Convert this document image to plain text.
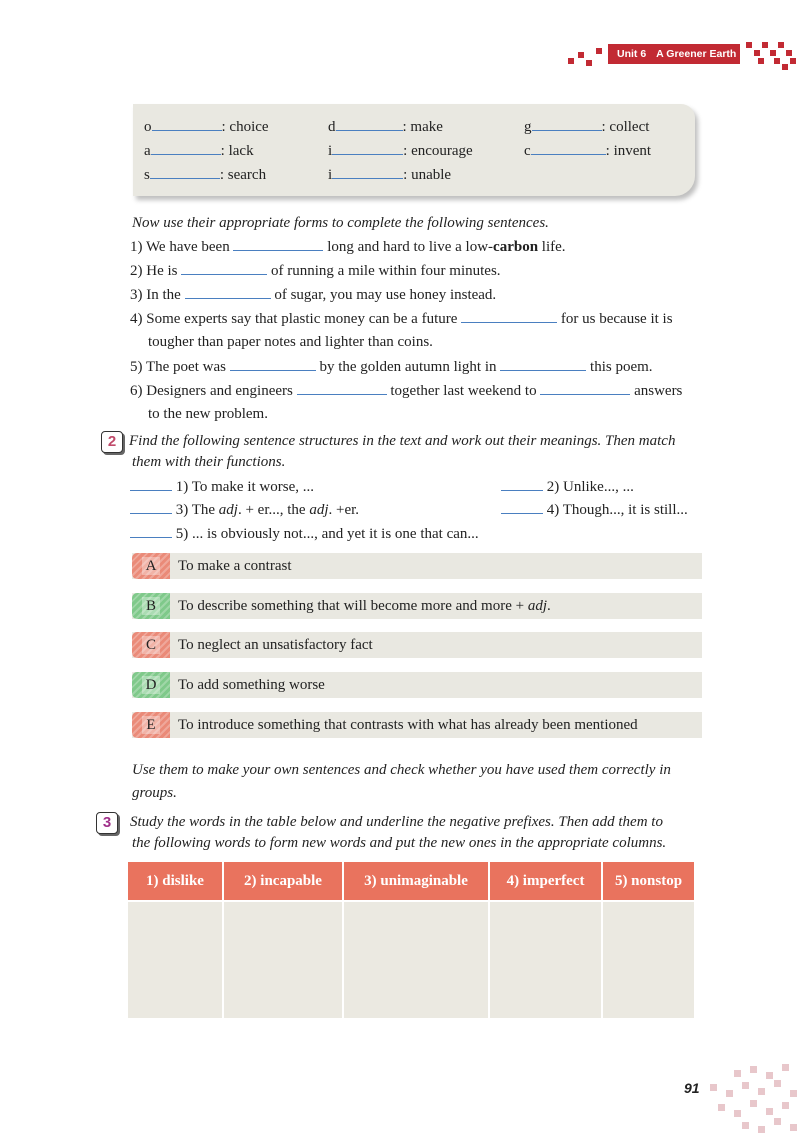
Unit 6 A Greener Earth
o	: choice	d	: make	g	: collect
a	: lack	i	: encourage	c	: invent
s	: search	i	: unable
Now use their appropriate forms to complete the following sentences.
1) We have been	long and hard to live a low-carbon life.
2) He is	of running a mile within four minutes.
3) In the	of sugar, you may use honey instead.
4) Some experts say that plastic money can be a future	for us because it is
tougher than paper notes and lighter than coins.
5) The poet was	by the golden autumn light in	this poem.
6) Designers and engineers	together last weekend to	answers
to the new problem.
2 Find the following sentence structures in the text and work out their meanings. Then match
them with their functions.
1) To make it worse, ...	2) Unlike..., ...
3) The adj. + er..., the adj. +er.	4) Though..., it is still...
5) ... is obviously not..., and yet it is one that can...
A	To make a contrast
B	To describe something that will become more and more + adj.
C	To neglect an unsatisfactory fact
D	To add something worse
E	To introduce something that contrasts with what has already been mentioned
Use them to make your own sentences and check whether you have used them correctly in
groups.
3	Study the words in the table below and underline the negative prefixes. Then add them to
the following words to form new words and put the new ones in the appropriate columns.
1) dislike	2) incapable	3) unimaginable	4) imperfect	5) nonstop

91
